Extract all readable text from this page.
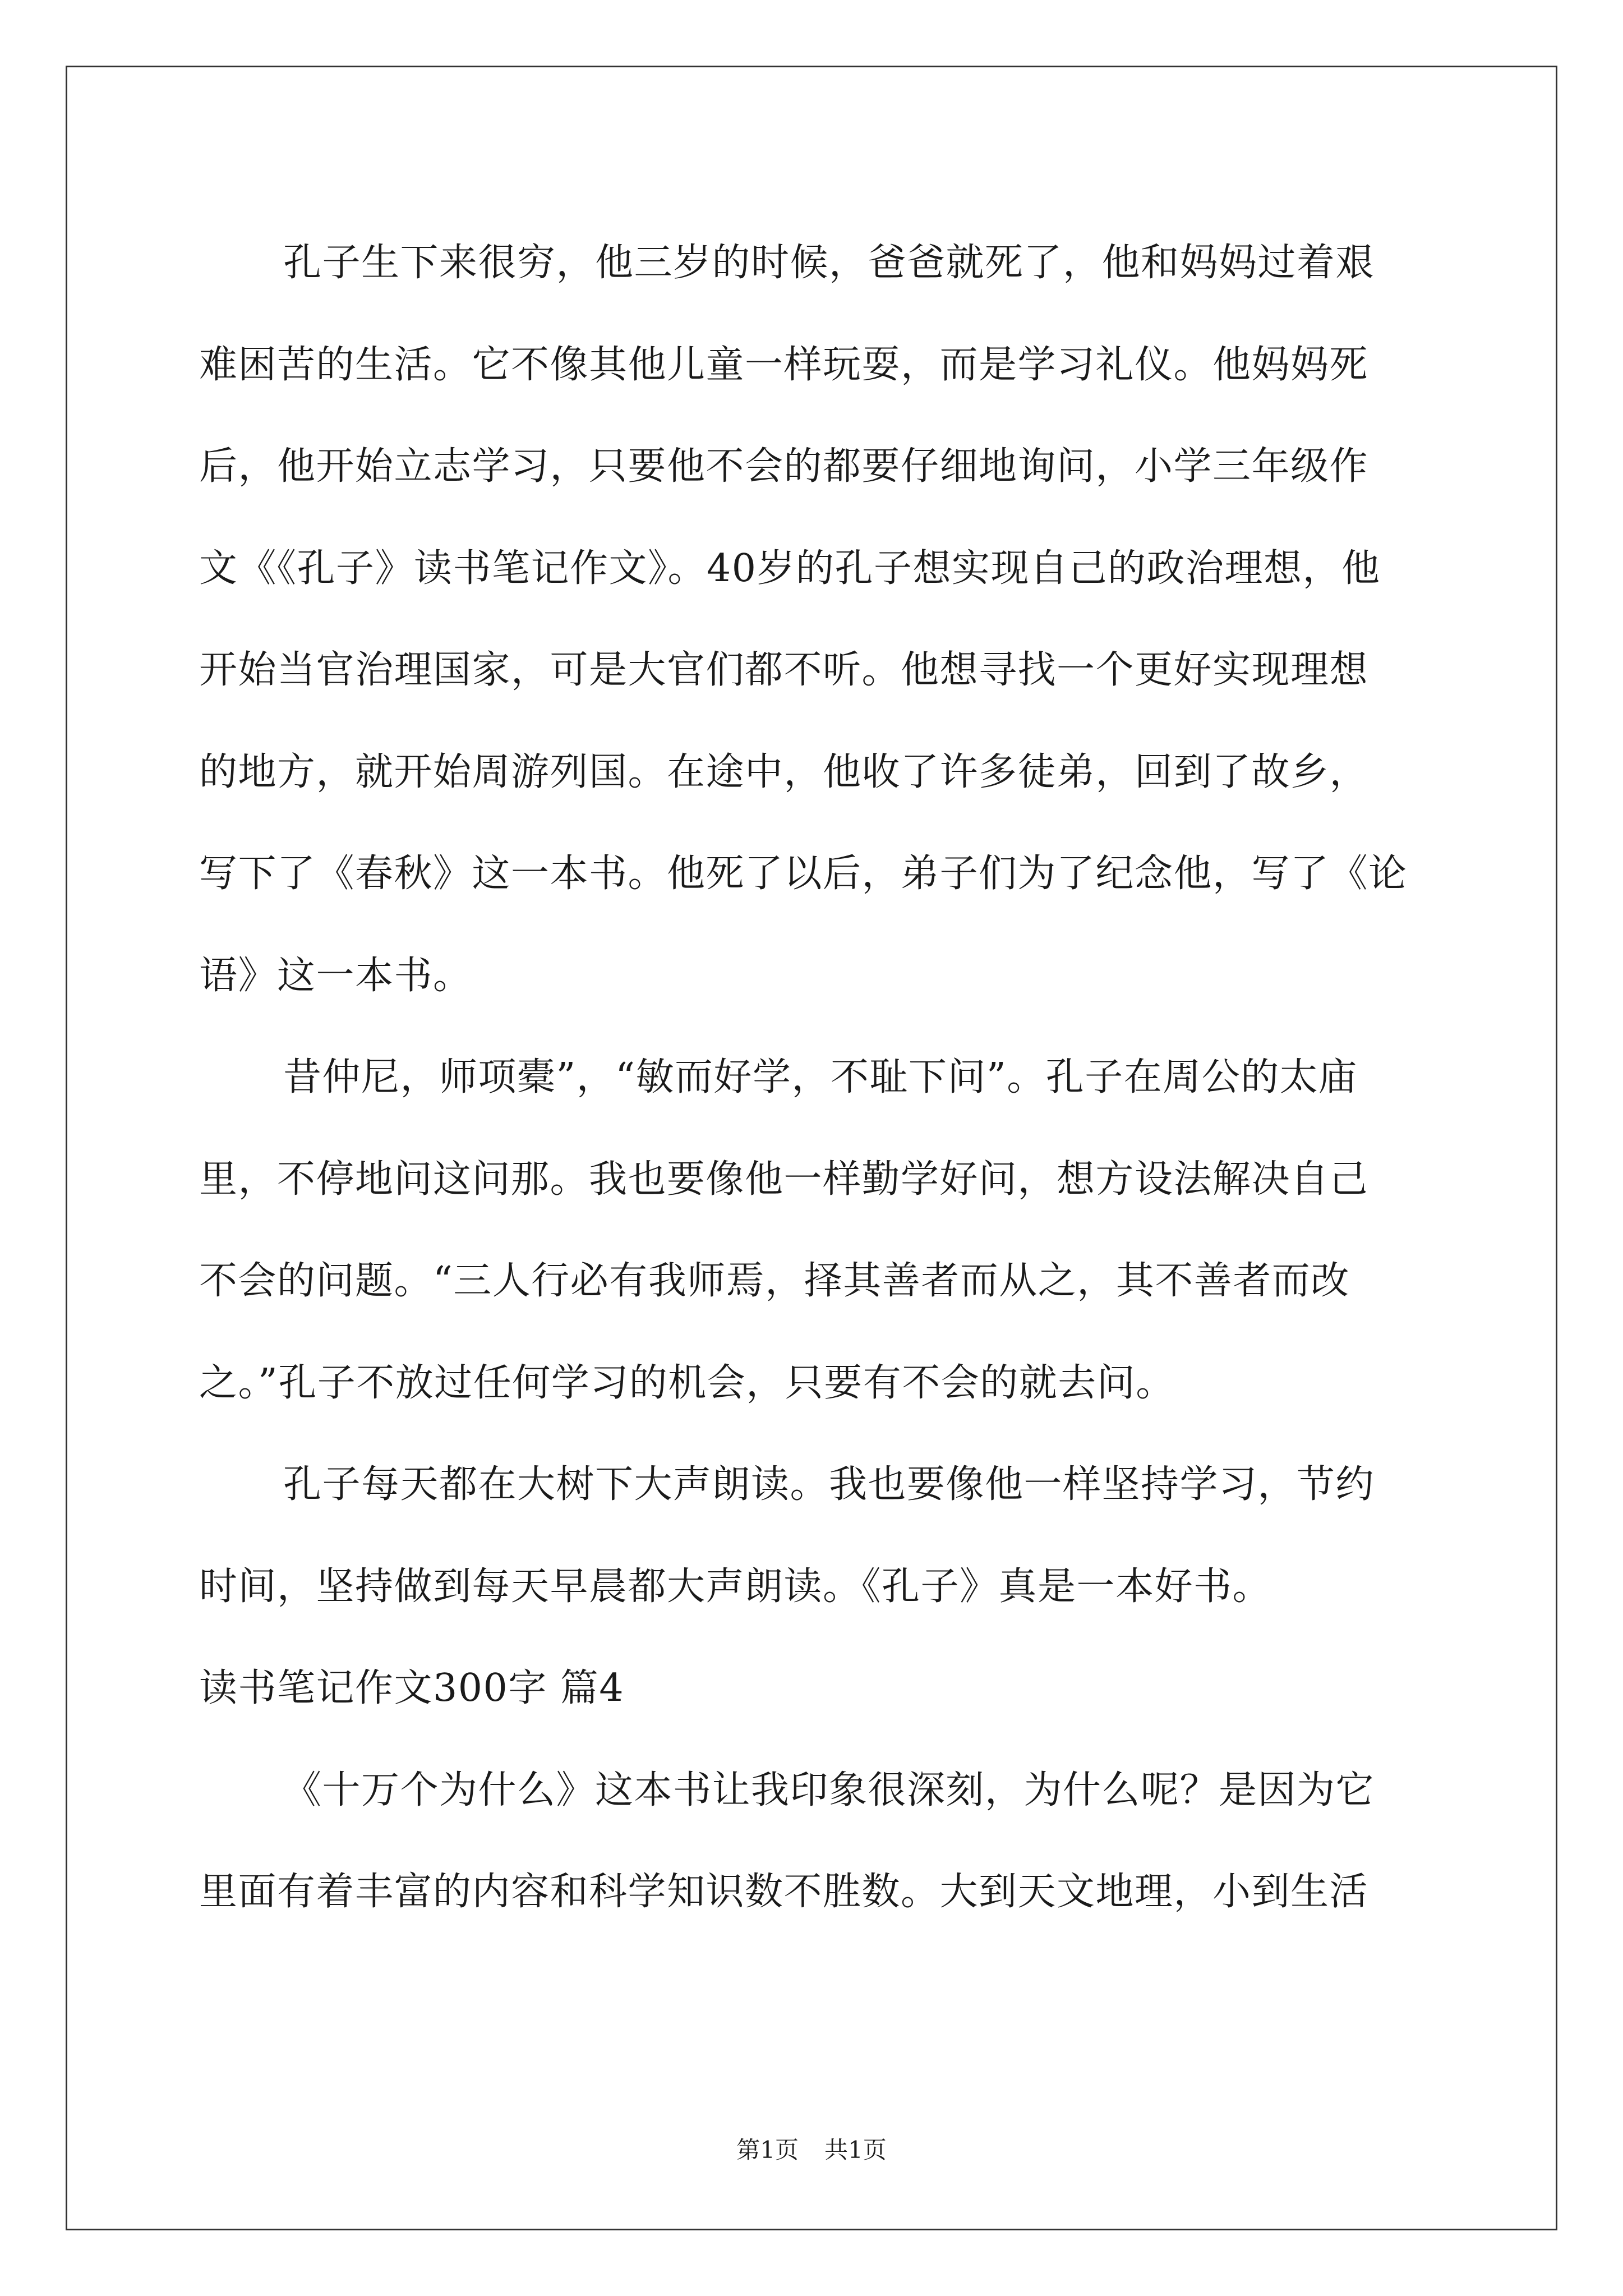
孔子生下来很穷，他三岁的时候，爸爸就死了，他和妈妈过着艰
难困苦的生活。它不像其他儿童一样玩耍，而是学习礼仪。他妈妈死
后，他开始立志学习，只要他不会的都要仔细地询问，小学三年级作
文《《孔子》读书笔记作文》。40岁的孔子想实现自己的政治理想，他
开始当官治理国家，可是大官们都不听。他想寻找一个更好实现理想
的地方，就开始周游列国。在途中，他收了许多徒弟，回到了故乡，
写下了《春秋》这一本书。他死了以后，弟子们为了纪念他，写了《论
语》这一本书。
昔仲尼，师项橐”，“敏而好学，不耻下问”。孔子在周公的太庙
里，不停地问这问那。我也要像他一样勤学好问，想方设法解决自己
不会的问题。“三人行必有我师焉，择其善者而从之，其不善者而改
之。”孔子不放过任何学习的机会，只要有不会的就去问。
孔子每天都在大树下大声朗读。我也要像他一样坚持学习，节约
时间，坚持做到每天早晨都大声朗读。《孔子》真是一本好书。
读书笔记作文300字 篇4
《十万个为什么》这本书让我印象很深刻，为什么呢？是因为它
里面有着丰富的内容和科学知识数不胜数。大到天文地理，小到生活
第1页 共1页
